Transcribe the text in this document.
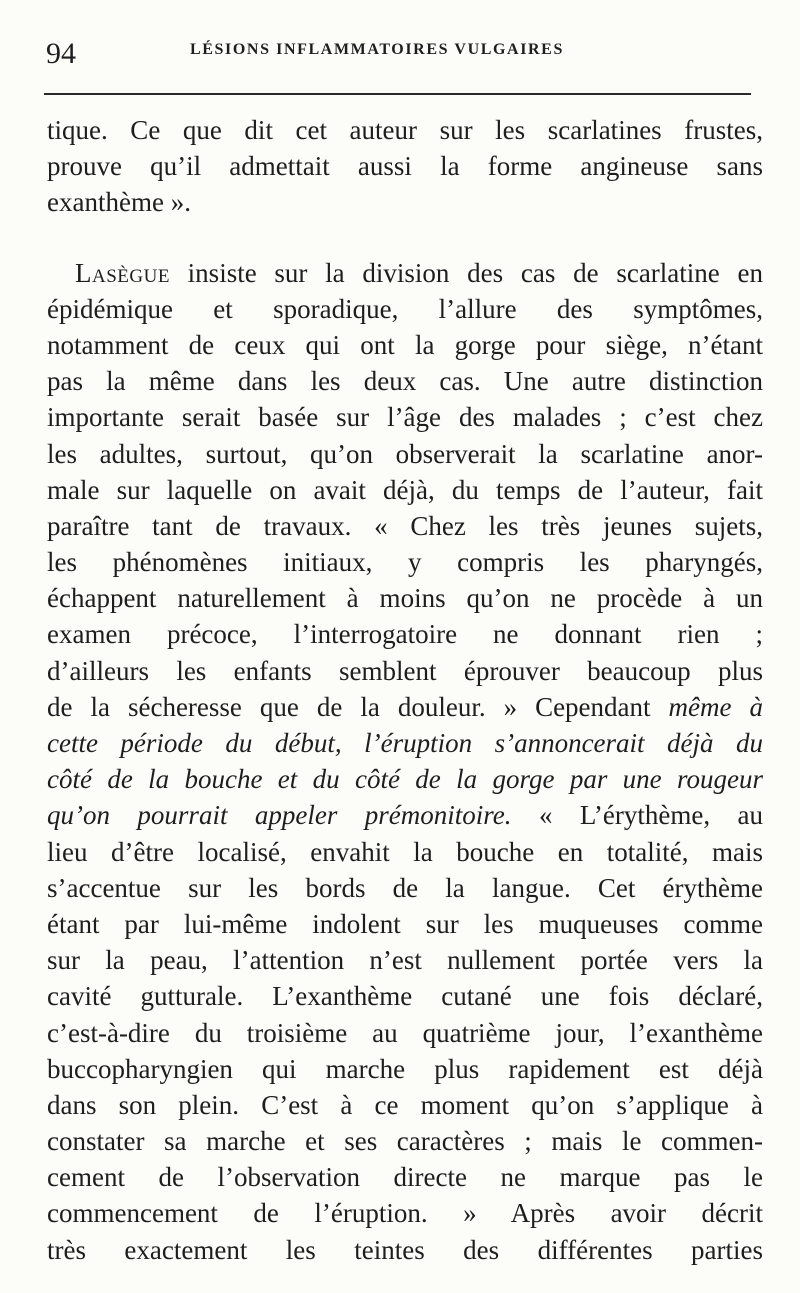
94	LÉSIONS INFLAMMATOIRES VULGAIRES
tique. Ce que dit cet auteur sur les scarlatines frustes,
prouve qu’il admettait aussi la forme angineuse sans
exanthème ».
Lasègue insiste sur la division des cas de scarlatine en
épidémique et sporadique, l’allure des symptômes,
notamment de ceux qui ont la gorge pour siège, n’étant
pas la même dans les deux cas. Une autre distinction
importante serait basée sur l’âge des malades ; c’est chez
les adultes, surtout, qu’on observerait la scarlatine anor-
male sur laquelle on avait déjà, du temps de l’auteur, fait
paraître tant de travaux. « Chez les très jeunes sujets,
les phénomènes initiaux, y compris les pharyngés,
échappent naturellement à moins qu’on ne procède à un
examen précoce, l’interrogatoire ne donnant rien ;
d’ailleurs les enfants semblent éprouver beaucoup plus
de la sécheresse que de la douleur. » Cependant même à
cette période du début, l’éruption s’annoncerait déjà du
côté de la bouche et du côté de la gorge par une rougeur
qu’on pourrait appeler prémonitoire. « L’érythème, au
lieu d’être localisé, envahit la bouche en totalité, mais
s’accentue sur les bords de la langue. Cet érythème
étant par lui-même indolent sur les muqueuses comme
sur la peau, l’attention n’est nullement portée vers la
cavité gutturale. L’exanthème cutané une fois déclaré,
c’est-à-dire du troisième au quatrième jour, l’exanthème
buccopharyngien qui marche plus rapidement est déjà
dans son plein. C’est à ce moment qu’on s’applique à
constater sa marche et ses caractères ; mais le commen-
cement de l’observation directe ne marque pas le
commencement de l’éruption. » Après avoir décrit
très exactement les teintes des différentes parties
